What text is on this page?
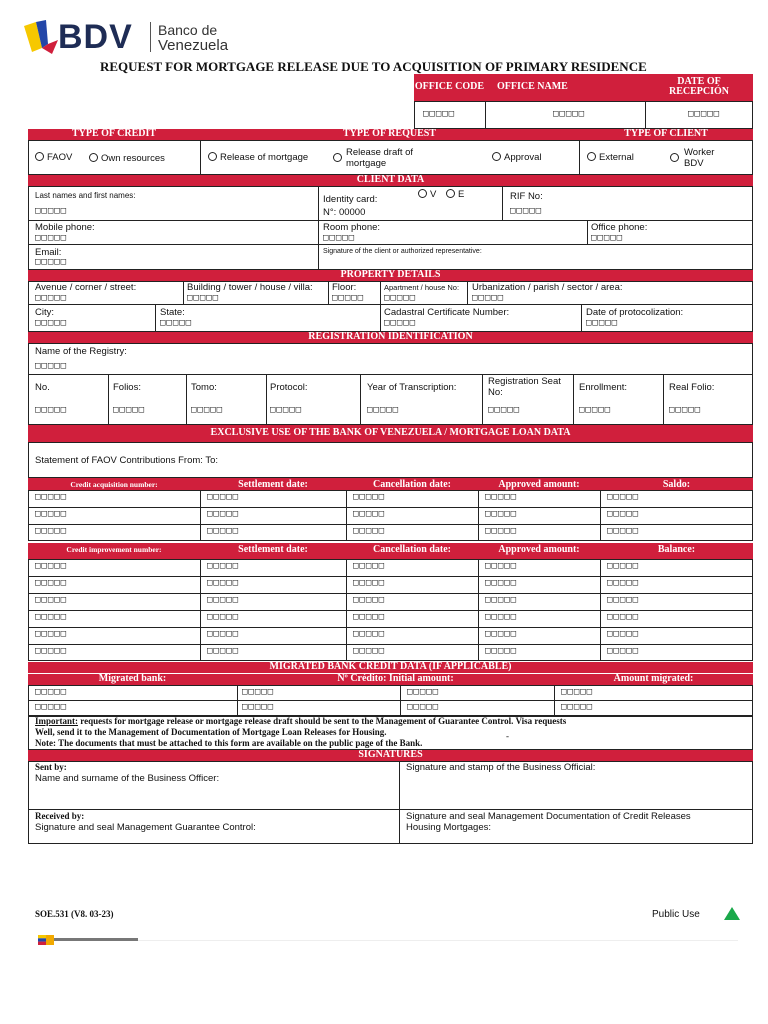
BDV Banco de
Venezuela
REQUEST FOR MORTGAGE RELEASE DUE TO ACQUISITION OF PRIMARY RESIDENCE
OFFICE CODE	OFFICE NAME	DATE OF
RECEPCIÓN
□□□□□	□□□□□	□□□□□
TYPE OF CREDIT	TYPE OF REQUEST	TYPE OF CLIENT
FAOV	Own resources	Release of mortgage	Release draft of
mortgage
Approval	External	Worker
BDV
CLIENT DATA
Last names and first names:
□□□□□
V	E
Identity card:
N°: 00000
RIF No:
□□□□□
Mobile phone:
□□□□□
Room phone:
□□□□□
Office phone:
□□□□□
Email:
□□□□□
Signature of the client or authorized representative:
PROPERTY DETAILS
Avenue / corner / street:
□□□□□
Building / tower / house / villa:
□□□□□
Floor:
□□□□□
Apartment / house No:
□□□□□
Urbanization / parish / sector / area:
□□□□□
City:
□□□□□
State:
□□□□□
Cadastral Certificate Number:
□□□□□
Date of protocolization:
□□□□□
REGISTRATION IDENTIFICATION
Name of the Registry:
□□□□□
No.	Folios:	Tomo:	Protocol:	Year of Transcription:
Registration Seat
No:	Enrollment:	Real Folio:
□□□□□	□□□□□	□□□□□	□□□□□	□□□□□	□□□□□	□□□□□	□□□□□
EXCLUSIVE USE OF THE BANK OF VENEZUELA / MORTGAGE LOAN DATA
Statement of FAOV Contributions From: To:
Credit acquisition number:	Settlement date:	Cancellation date:	Approved amount:	Saldo:
□□□□□	□□□□□	□□□□□	□□□□□	□□□□□
□□□□□	□□□□□	□□□□□	□□□□□	□□□□□
□□□□□	□□□□□	□□□□□	□□□□□	□□□□□
Credit improvement number:	Settlement date:	Cancellation date:	Approved amount:	Balance:
□□□□□	□□□□□	□□□□□	□□□□□	□□□□□
□□□□□	□□□□□	□□□□□	□□□□□	□□□□□
□□□□□	□□□□□	□□□□□	□□□□□	□□□□□
□□□□□	□□□□□	□□□□□	□□□□□	□□□□□
□□□□□	□□□□□	□□□□□	□□□□□	□□□□□
□□□□□	□□□□□	□□□□□	□□□□□	□□□□□
MIGRATED BANK CREDIT DATA (IF APPLICABLE)
Migrated bank:	Nº Crédito: Initial amount:	Amount migrated:
□□□□□	□□□□□	□□□□□	□□□□□
□□□□□	□□□□□	□□□□□	□□□□□
Important: requests for mortgage release or mortgage release draft should be sent to the Management of Guarantee Control. Visa requests
Well, send it to the Management of Documentation of Mortgage Loan Releases for Housing.	-
Note: The documents that must be attached to this form are available on the public page of the Bank.
SIGNATURES
Sent by:
Name and surname of the Business Officer:
Signature and stamp of the Business Official:
Received by:
Signature and seal Management Guarantee Control:
Signature and seal Management Documentation of Credit Releases
Housing Mortgages:
SOE.531 (V8. 03-23)	Public Use
